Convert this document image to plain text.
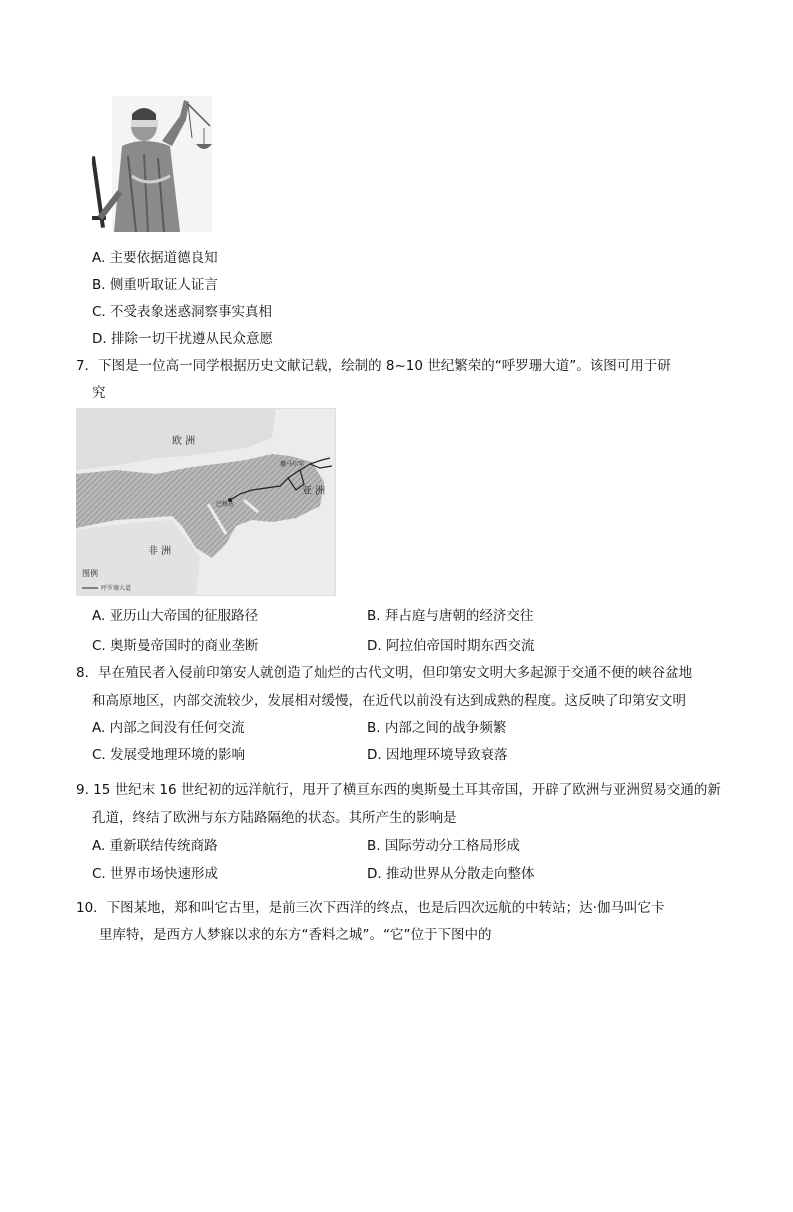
A. 主要依据道德良知
B. 侧重听取证人证言
C. 不受表象迷惑洞察事实真相
D. 排除一切干扰遵从民众意愿
7．下图是一位高一同学根据历史文献记载，绘制的 8~10 世纪繁荣的“呼罗珊大道”。该图可用于研
究
欧 洲
非 洲
亚 洲
巴格达
撒马尔罕
图例
呼罗珊大道
A. 亚历山大帝国的征服路径	B. 拜占庭与唐朝的经济交往
C. 奥斯曼帝国时的商业垄断	D. 阿拉伯帝国时期东西交流
8．早在殖民者入侵前印第安人就创造了灿烂的古代文明，但印第安文明大多起源于交通不便的峡谷盆地
和高原地区，内部交流较少，发展相对缓慢，在近代以前没有达到成熟的程度。这反映了印第安文明
A. 内部之间没有任何交流	B. 内部之间的战争频繁
C. 发展受地理环境的影响	D. 因地理环境导致衰落
9. 15 世纪末 16 世纪初的远洋航行，甩开了横亘东西的奥斯曼土耳其帝国，开辟了欧洲与亚洲贸易交通的新
孔道，终结了欧洲与东方陆路隔绝的状态。其所产生的影响是
A. 重新联结传统商路	B. 国际劳动分工格局形成
C. 世界市场快速形成	D. 推动世界从分散走向整体
10．下图某地，郑和叫它古里，是前三次下西洋的终点，也是后四次远航的中转站；达·伽马叫它卡
里库特，是西方人梦寐以求的东方“香料之城”。“它”位于下图中的
